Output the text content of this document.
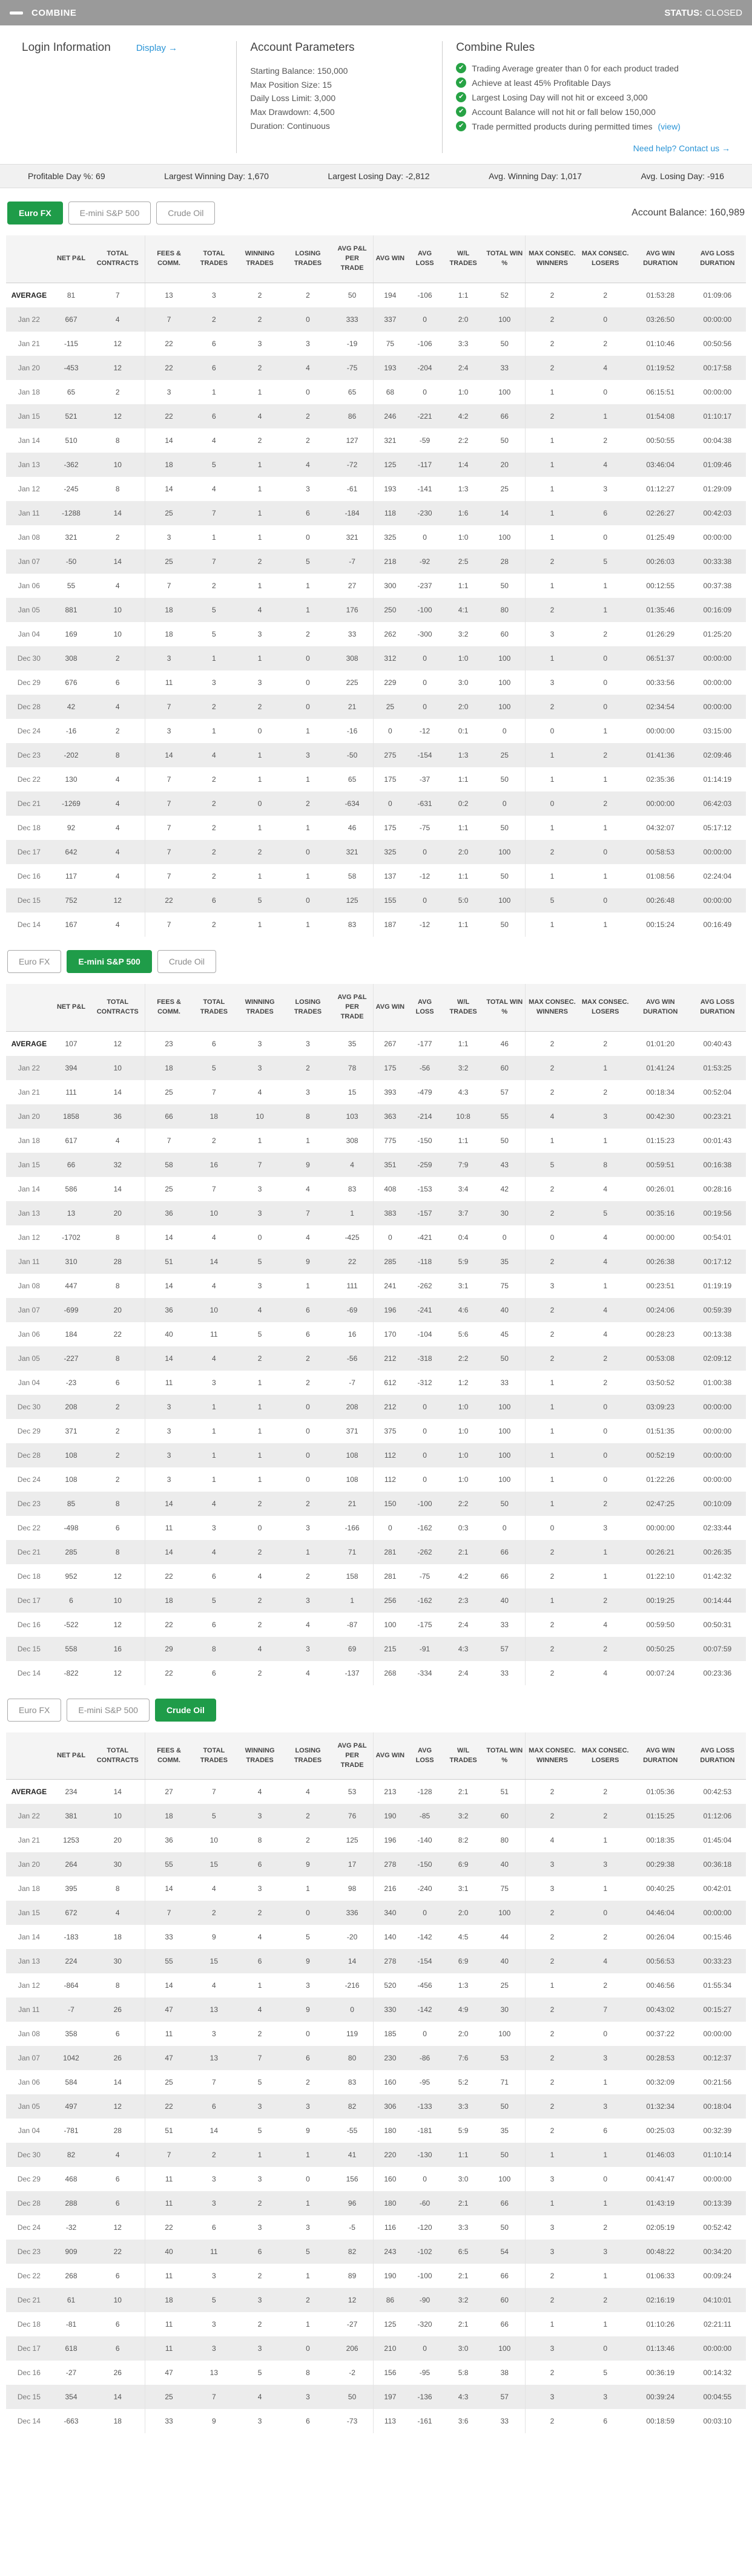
COMBINE	STATUS: CLOSED
Login Information	Display →	Account Parameters
Starting Balance: 150,000
Max Position Size: 15
Daily Loss Limit: 3,000
Max Drawdown: 4,500
Duration: Continuous
Combine Rules
✔ Trading Average greater than 0 for each product traded
✔ Achieve at least 45% Profitable Days
✔ Largest Losing Day will not hit or exceed 3,000
✔ Account Balance will not hit or fall below 150,000
✔ Trade permitted products during permitted times (view)
Need help? Contact us →
Profitable Day %: 69	Largest Winning Day: 1,670	Largest Losing Day: -2,812	Avg. Winning Day: 1,017	Avg. Losing Day: -916
Euro FX	E-mini S&P 500	Crude Oil	Account Balance: 160,989
	NET P&L	TOTAL CONTRACTS	FEES & COMM.	TOTAL TRADES	WINNING TRADES	LOSING TRADES	AVG P&L PER TRADE	AVG WIN	AVG LOSS	W/L TRADES	TOTAL WIN %	MAX CONSEC. WINNERS	MAX CONSEC. LOSERS	AVG WIN DURATION	AVG LOSS DURATION
AVERAGE	81	7	13	3	2	2	50	194	-106	1:1	52	2	2	01:53:28	01:09:06
Jan 22	667	4	7	2	2	0	333	337	0	2:0	100	2	0	03:26:50	00:00:00
Jan 21	-115	12	22	6	3	3	-19	75	-106	3:3	50	2	2	01:10:46	00:50:56
Jan 20	-453	12	22	6	2	4	-75	193	-204	2:4	33	2	4	01:19:52	00:17:58
Jan 18	65	2	3	1	1	0	65	68	0	1:0	100	1	0	06:15:51	00:00:00
Jan 15	521	12	22	6	4	2	86	246	-221	4:2	66	2	1	01:54:08	01:10:17
Jan 14	510	8	14	4	2	2	127	321	-59	2:2	50	1	2	00:50:55	00:04:38
Jan 13	-362	10	18	5	1	4	-72	125	-117	1:4	20	1	4	03:46:04	01:09:46
Jan 12	-245	8	14	4	1	3	-61	193	-141	1:3	25	1	3	01:12:27	01:29:09
Jan 11	-1288	14	25	7	1	6	-184	118	-230	1:6	14	1	6	02:26:27	00:42:03
Jan 08	321	2	3	1	1	0	321	325	0	1:0	100	1	0	01:25:49	00:00:00
Jan 07	-50	14	25	7	2	5	-7	218	-92	2:5	28	2	5	00:26:03	00:33:38
Jan 06	55	4	7	2	1	1	27	300	-237	1:1	50	1	1	00:12:55	00:37:38
Jan 05	881	10	18	5	4	1	176	250	-100	4:1	80	2	1	01:35:46	00:16:09
Jan 04	169	10	18	5	3	2	33	262	-300	3:2	60	3	2	01:26:29	01:25:20
Dec 30	308	2	3	1	1	0	308	312	0	1:0	100	1	0	06:51:37	00:00:00
Dec 29	676	6	11	3	3	0	225	229	0	3:0	100	3	0	00:33:56	00:00:00
Dec 28	42	4	7	2	2	0	21	25	0	2:0	100	2	0	02:34:54	00:00:00
Dec 24	-16	2	3	1	0	1	-16	0	-12	0:1	0	0	1	00:00:00	03:15:00
Dec 23	-202	8	14	4	1	3	-50	275	-154	1:3	25	1	2	01:41:36	02:09:46
Dec 22	130	4	7	2	1	1	65	175	-37	1:1	50	1	1	02:35:36	01:14:19
Dec 21	-1269	4	7	2	0	2	-634	0	-631	0:2	0	0	2	00:00:00	06:42:03
Dec 18	92	4	7	2	1	1	46	175	-75	1:1	50	1	1	04:32:07	05:17:12
Dec 17	642	4	7	2	2	0	321	325	0	2:0	100	2	0	00:58:53	00:00:00
Dec 16	117	4	7	2	1	1	58	137	-12	1:1	50	1	1	01:08:56	02:24:04
Dec 15	752	12	22	6	5	0	125	155	0	5:0	100	5	0	00:26:48	00:00:00
Dec 14	167	4	7	2	1	1	83	187	-12	1:1	50	1	1	00:15:24	00:16:49
Euro FX	E-mini S&P 500	Crude Oil
	NET P&L	TOTAL CONTRACTS	FEES & COMM.	TOTAL TRADES	WINNING TRADES	LOSING TRADES	AVG P&L PER TRADE	AVG WIN	AVG LOSS	W/L TRADES	TOTAL WIN %	MAX CONSEC. WINNERS	MAX CONSEC. LOSERS	AVG WIN DURATION	AVG LOSS DURATION
AVERAGE	107	12	23	6	3	3	35	267	-177	1:1	46	2	2	01:01:20	00:40:43
Jan 22	394	10	18	5	3	2	78	175	-56	3:2	60	2	1	01:41:24	01:53:25
Jan 21	111	14	25	7	4	3	15	393	-479	4:3	57	2	2	00:18:34	00:52:04
Jan 20	1858	36	66	18	10	8	103	363	-214	10:8	55	4	3	00:42:30	00:23:21
Jan 18	617	4	7	2	1	1	308	775	-150	1:1	50	1	1	01:15:23	00:01:43
Jan 15	66	32	58	16	7	9	4	351	-259	7:9	43	5	8	00:59:51	00:16:38
Jan 14	586	14	25	7	3	4	83	408	-153	3:4	42	2	4	00:26:01	00:28:16
Jan 13	13	20	36	10	3	7	1	383	-157	3:7	30	2	5	00:35:16	00:19:56
Jan 12	-1702	8	14	4	0	4	-425	0	-421	0:4	0	0	4	00:00:00	00:54:01
Jan 11	310	28	51	14	5	9	22	285	-118	5:9	35	2	4	00:26:38	00:17:12
Jan 08	447	8	14	4	3	1	111	241	-262	3:1	75	3	1	00:23:51	01:19:19
Jan 07	-699	20	36	10	4	6	-69	196	-241	4:6	40	2	4	00:24:06	00:59:39
Jan 06	184	22	40	11	5	6	16	170	-104	5:6	45	2	4	00:28:23	00:13:38
Jan 05	-227	8	14	4	2	2	-56	212	-318	2:2	50	2	2	00:53:08	02:09:12
Jan 04	-23	6	11	3	1	2	-7	612	-312	1:2	33	1	2	03:50:52	01:00:38
Dec 30	208	2	3	1	1	0	208	212	0	1:0	100	1	0	03:09:23	00:00:00
Dec 29	371	2	3	1	1	0	371	375	0	1:0	100	1	0	01:51:35	00:00:00
Dec 28	108	2	3	1	1	0	108	112	0	1:0	100	1	0	00:52:19	00:00:00
Dec 24	108	2	3	1	1	0	108	112	0	1:0	100	1	0	01:22:26	00:00:00
Dec 23	85	8	14	4	2	2	21	150	-100	2:2	50	1	2	02:47:25	00:10:09
Dec 22	-498	6	11	3	0	3	-166	0	-162	0:3	0	0	3	00:00:00	02:33:44
Dec 21	285	8	14	4	2	1	71	281	-262	2:1	66	2	1	00:26:21	00:26:35
Dec 18	952	12	22	6	4	2	158	281	-75	4:2	66	2	1	01:22:10	01:42:32
Dec 17	6	10	18	5	2	3	1	256	-162	2:3	40	1	2	00:19:25	00:14:44
Dec 16	-522	12	22	6	2	4	-87	100	-175	2:4	33	2	4	00:59:50	00:50:31
Dec 15	558	16	29	8	4	3	69	215	-91	4:3	57	2	2	00:50:25	00:07:59
Dec 14	-822	12	22	6	2	4	-137	268	-334	2:4	33	2	4	00:07:24	00:23:36
Euro FX	E-mini S&P 500	Crude Oil
	NET P&L	TOTAL CONTRACTS	FEES & COMM.	TOTAL TRADES	WINNING TRADES	LOSING TRADES	AVG P&L PER TRADE	AVG WIN	AVG LOSS	W/L TRADES	TOTAL WIN %	MAX CONSEC. WINNERS	MAX CONSEC. LOSERS	AVG WIN DURATION	AVG LOSS DURATION
AVERAGE	234	14	27	7	4	4	53	213	-128	2:1	51	2	2	01:05:36	00:42:53
Jan 22	381	10	18	5	3	2	76	190	-85	3:2	60	2	2	01:15:25	01:12:06
Jan 21	1253	20	36	10	8	2	125	196	-140	8:2	80	4	1	00:18:35	01:45:04
Jan 20	264	30	55	15	6	9	17	278	-150	6:9	40	3	3	00:29:38	00:36:18
Jan 18	395	8	14	4	3	1	98	216	-240	3:1	75	3	1	00:40:25	00:42:01
Jan 15	672	4	7	2	2	0	336	340	0	2:0	100	2	0	04:46:04	00:00:00
Jan 14	-183	18	33	9	4	5	-20	140	-142	4:5	44	2	2	00:26:04	00:15:46
Jan 13	224	30	55	15	6	9	14	278	-154	6:9	40	2	4	00:56:53	00:33:23
Jan 12	-864	8	14	4	1	3	-216	520	-456	1:3	25	1	2	00:46:56	01:55:34
Jan 11	-7	26	47	13	4	9	0	330	-142	4:9	30	2	7	00:43:02	00:15:27
Jan 08	358	6	11	3	2	0	119	185	0	2:0	100	2	0	00:37:22	00:00:00
Jan 07	1042	26	47	13	7	6	80	230	-86	7:6	53	2	3	00:28:53	00:12:37
Jan 06	584	14	25	7	5	2	83	160	-95	5:2	71	2	1	00:32:09	00:21:56
Jan 05	497	12	22	6	3	3	82	306	-133	3:3	50	2	3	01:32:34	00:18:04
Jan 04	-781	28	51	14	5	9	-55	180	-181	5:9	35	2	6	00:25:03	00:32:39
Dec 30	82	4	7	2	1	1	41	220	-130	1:1	50	1	1	01:46:03	01:10:14
Dec 29	468	6	11	3	3	0	156	160	0	3:0	100	3	0	00:41:47	00:00:00
Dec 28	288	6	11	3	2	1	96	180	-60	2:1	66	1	1	01:43:19	00:13:39
Dec 24	-32	12	22	6	3	3	-5	116	-120	3:3	50	3	2	02:05:19	00:52:42
Dec 23	909	22	40	11	6	5	82	243	-102	6:5	54	3	3	00:48:22	00:34:20
Dec 22	268	6	11	3	2	1	89	190	-100	2:1	66	2	1	01:06:33	00:09:24
Dec 21	61	10	18	5	3	2	12	86	-90	3:2	60	2	2	02:16:19	04:10:01
Dec 18	-81	6	11	3	2	1	-27	125	-320	2:1	66	1	1	01:10:26	02:21:11
Dec 17	618	6	11	3	3	0	206	210	0	3:0	100	3	0	01:13:46	00:00:00
Dec 16	-27	26	47	13	5	8	-2	156	-95	5:8	38	2	5	00:36:19	00:14:32
Dec 15	354	14	25	7	4	3	50	197	-136	4:3	57	3	3	00:39:24	00:04:55
Dec 14	-663	18	33	9	3	6	-73	113	-161	3:6	33	2	6	00:18:59	00:03:10
